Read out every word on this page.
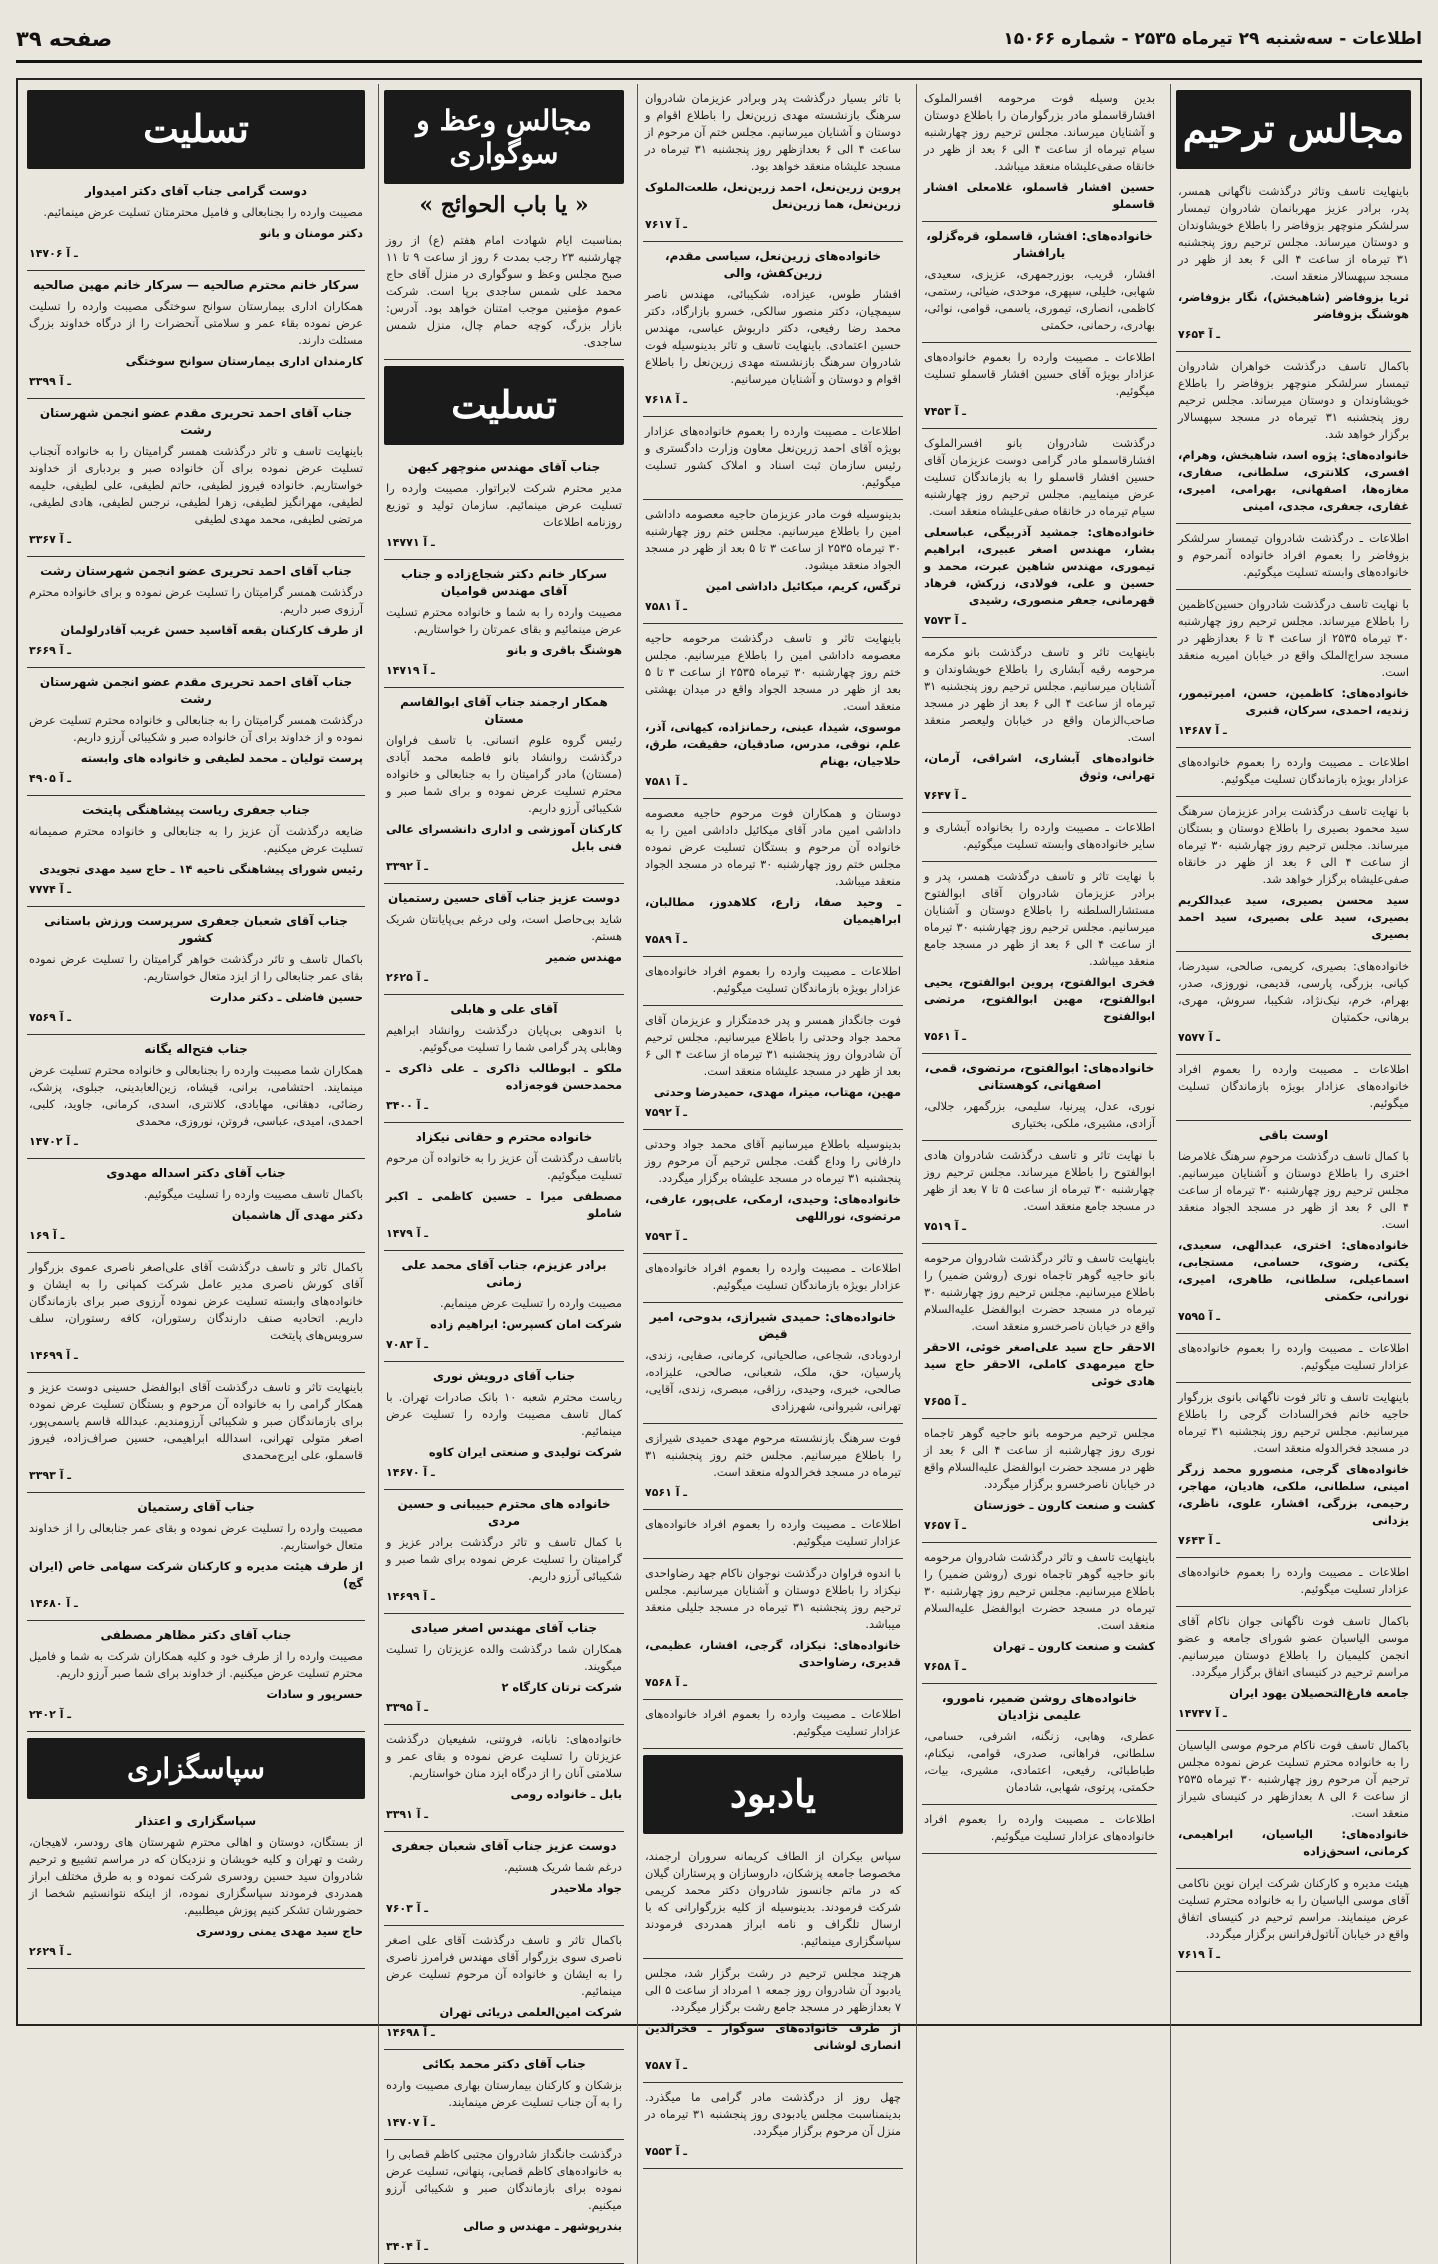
اطلاعات - سه‌شنبه ۲۹ تیرماه ۲۵۳۵ - شماره ۱۵۰۶۶
صفحه ۳۹
مجالس ترحیم
باینهایت تاسف وتاثر درگذشت ناگهانی همسر، پدر، برادر عزیز مهربانمان شادروان تیمسار سرلشکر منوچهر بزوفاضر را باطلاع خویشاوندان و دوستان میرساند. مجلس ترحیم روز پنجشنبه ۳۱ تیرماه از ساعت ۴ الی ۶ بعد از ظهر در مسجد سپهسالار منعقد است.
ثریا بزوفاضر (شاهبخش)، نگار بزوفاضر، هوشنگ بزوفاضر
۷۶۵۴ ـ آ
باکمال تاسف درگذشت خواهران شادروان تیمسار سرلشکر منوچهر بزوفاضر را باطلاع خویشاوندان و دوستان میرساند. مجلس ترحیم روز پنجشنبه ۳۱ تیرماه در مسجد سپهسالار برگزار خواهد شد.
خانواده‌های: پژوه اسد، شاهبخش، وهرام، افسری، کلانتری، سلطانی، صفاری، مغازه‌ها، اصفهانی، بهرامی، امیری، غفاری، جعفری، مجدی، امینی
اطلاعات ـ درگذشت شادروان تیمسار سرلشکر بزوفاضر را بعموم افراد خانواده آنمرحوم و خانواده‌های وابسته تسلیت میگوئیم.
با نهایت تاسف درگذشت شادروان حسین‌کاظمین را باطلاع میرساند. مجلس ترحیم روز چهارشنبه ۳۰ تیرماه ۲۵۳۵ از ساعت ۴ تا ۶ بعدازظهر در مسجد سراج‌الملک واقع در خیابان امیریه منعقد است.
خانواده‌های: کاظمین، حسن، امیرتیمور، زندیه، احمدی، سرکان، قنبری
۱۴۶۸۷ ـ آ
اطلاعات ـ مصیبت وارده را بعموم خانواده‌های عزادار بویژه بازماندگان تسلیت میگوئیم.
با نهایت تاسف درگذشت برادر عزیزمان سرهنگ سید محمود بصیری را باطلاع دوستان و بستگان میرساند. مجلس ترحیم روز چهارشنبه ۳۰ تیرماه از ساعت ۴ الی ۶ بعد از ظهر در خانقاه صفی‌علیشاه برگزار خواهد شد.
سید محسن بصیری، سید عبدالکریم بصیری، سید علی بصیری، سید احمد بصیری
خانواده‌های: بصیری، کریمی، صالحی، سیدرضا، کیانی، بزرگی، پارسی، قدیمی، نوروزی، صدر، بهرام، خرم، نیک‌نژاد، شکیبا، سروش، مهری، برهانی، حکمتیان
۷۵۷۷ ـ آ
اطلاعات ـ مصیبت وارده را بعموم افراد خانواده‌های عزادار بویژه بازماندگان تسلیت میگوئیم.
اوست باقی
با کمال تاسف درگذشت مرحوم سرهنگ غلامرضا اختری را باطلاع دوستان و آشنایان میرسانیم. مجلس ترحیم روز چهارشنبه ۳۰ تیرماه از ساعت ۴ الی ۶ بعد از ظهر در مسجد الجواد منعقد است.
خانواده‌های: اختری، عبدالهی، سعیدی، یکتی، رضوی، حسامی، مستجابی، اسماعیلی، سلطانی، طاهری، امیری، نورانی، حکمتی
۷۵۹۵ ـ آ
اطلاعات ـ مصیبت وارده را بعموم خانواده‌های عزادار تسلیت میگوئیم.
باینهایت تاسف و تاثر فوت ناگهانی بانوی بزرگوار حاجیه خانم فخرالسادات گرجی را باطلاع میرسانیم. مجلس ترحیم روز پنجشنبه ۳۱ تیرماه در مسجد فخرالدوله منعقد است.
خانواده‌های گرجی، منصورو محمد زرگر امینی، سلطانی، ملکی، هادیان، مهاجر، رحیمی، بزرگی، افشار، علوی، ناظری، یزدانی
۷۶۴۳ ـ آ
اطلاعات ـ مصیبت وارده را بعموم خانواده‌های عزادار تسلیت میگوئیم.
باکمال تاسف فوت ناگهانی جوان ناکام آقای موسی الیاسیان عضو شورای جامعه و عضو انجمن کلیمیان را باطلاع دوستان میرسانیم. مراسم ترحیم در کنیسای اتفاق برگزار میگردد.
جامعه فارغ‌التحصیلان یهود ایران
۱۴۷۴۷ ـ آ
باکمال تاسف فوت ناکام مرحوم موسی الیاسیان را به خانواده محترم تسلیت عرض نموده مجلس ترحیم آن مرحوم روز چهارشنبه ۳۰ تیرماه ۲۵۳۵ از ساعت ۶ الی ۸ بعدازظهر در کنیسای شیراز منعقد است.
خانواده‌های: الیاسیان، ابراهیمی، کرمانی، اسحق‌زاده
هیئت مدیره و کارکنان شرکت ایران نوین ناکامی آقای موسی الیاسیان را به خانواده محترم تسلیت عرض مینمایند. مراسم ترحیم در کنیسای اتفاق واقع در خیابان آناتول‌فرانس برگزار میگردد.
۷۶۱۹ ـ آ
بدین وسیله فوت مرحومه افسرالملوک افشارقاسملو مادر بزرگوارمان را باطلاع دوستان و آشنایان میرساند. مجلس ترحیم روز چهارشنبه سیام تیرماه از ساعت ۴ الی ۶ بعد از ظهر در خانقاه صفی‌علیشاه منعقد میباشد.
حسین افشار قاسملو، غلامعلی افشار قاسملو
خانواده‌های: افشار، قاسملو، قره‌گزلو، یارافشار
افشار، قریب، بوزرجمهری، عزیزی، سعیدی، شهابی، خلیلی، سپهری، موحدی، ضیائی، رستمی، کاظمی، انصاری، تیموری، یاسمی، قوامی، نوائی، بهادری، رحمانی، حکمتی
اطلاعات ـ مصیبت وارده را بعموم خانواده‌های عزادار بویژه آقای حسین افشار قاسملو تسلیت میگوئیم.
۷۴۵۳ ـ آ
درگذشت شادروان بانو افسرالملوک افشارقاسملو مادر گرامی دوست عزیزمان آقای حسین افشار قاسملو را به بازماندگان تسلیت عرض مینماییم. مجلس ترحیم روز چهارشنبه سیام تیرماه در خانقاه صفی‌علیشاه منعقد است.
خانواده‌های: جمشید آذربیگی، عباسعلی بشار، مهندس اصغر عبیری، ابراهیم تیموری، مهندس شاهین عبرت، محمد و حسین و علی، فولادی، زرکش، فرهاد قهرمانی، جعفر منصوری، رشیدی
۷۵۷۳ ـ آ
باینهایت تاثر و تاسف درگذشت بانو مکرمه مرحومه رقیه آبشاری را باطلاع خویشاوندان و آشنایان میرسانیم. مجلس ترحیم روز پنجشنبه ۳۱ تیرماه از ساعت ۴ الی ۶ بعد از ظهر در مسجد صاحب‌الزمان واقع در خیابان ولیعصر منعقد است.
خانواده‌های آبشاری، اشراقی، آرمان، تهرانی، وثوق
۷۶۴۷ ـ آ
اطلاعات ـ مصیبت وارده را بخانواده آبشاری و سایر خانواده‌های وابسته تسلیت میگوئیم.
با نهایت تاثر و تاسف درگذشت همسر، پدر و برادر عزیزمان شادروان آقای ابوالفتوح مستشارالسلطنه را باطلاع دوستان و آشنایان میرسانیم. مجلس ترحیم روز چهارشنبه ۳۰ تیرماه از ساعت ۴ الی ۶ بعد از ظهر در مسجد جامع منعقد میباشد.
فخری ابوالفتوح، پروین ابوالفتوح، یحیی ابوالفتوح، مهین ابوالفتوح، مرتضی ابوالفتوح
۷۵۶۱ ـ آ
خانواده‌های: ابوالفتوح، مرتضوی، قمی، اصفهانی، کوهستانی
نوری، عدل، پیرنیا، سلیمی، بزرگمهر، جلالی، آزادی، مشیری، ملکی، بختیاری
با نهایت تاثر و تاسف درگذشت شادروان هادی ابوالفتوح را باطلاع میرساند. مجلس ترحیم روز چهارشنبه ۳۰ تیرماه از ساعت ۵ تا ۷ بعد از ظهر در مسجد جامع منعقد است.
۷۵۱۹ ـ آ
باینهایت تاسف و تاثر درگذشت شادروان مرحومه بانو حاجیه گوهر تاجماه نوری (روشن ضمیر) را باطلاع میرسانیم. مجلس ترحیم روز چهارشنبه ۳۰ تیرماه در مسجد حضرت ابوالفضل علیه‌السلام واقع در خیابان ناصرخسرو منعقد است.
الاحقر حاج سید علی‌اصغر خوئی، الاحقر حاج میرمهدی کاملی، الاحقر حاج سید هادی خوئی
۷۶۵۵ ـ آ
مجلس ترحیم مرحومه بانو حاجیه گوهر تاجماه نوری روز چهارشنبه از ساعت ۴ الی ۶ بعد از ظهر در مسجد حضرت ابوالفضل علیه‌السلام واقع در خیابان ناصرخسرو برگزار میگردد.
کشت و صنعت کارون ـ خوزستان
۷۶۵۷ ـ آ
باینهایت تاسف و تاثر درگذشت شادروان مرحومه بانو حاجیه گوهر تاجماه نوری (روشن ضمیر) را باطلاع میرسانیم. مجلس ترحیم روز چهارشنبه ۳۰ تیرماه در مسجد حضرت ابوالفضل علیه‌السلام منعقد است.
کشت و صنعت کارون ـ تهران
۷۶۵۸ ـ آ
خانواده‌های روشن ضمیر، نامورو، علیمی نژادیان
عطری، وهابی، زنگنه، اشرفی، حسامی، سلطانی، فراهانی، صدری، قوامی، نیکنام، طباطبائی، رفیعی، اعتمادی، مشیری، بیات، حکمتی، پرتوی، شهابی، شادمان
اطلاعات ـ مصیبت وارده را بعموم افراد خانواده‌های عزادار تسلیت میگوئیم.
با تاثر بسیار درگذشت پدر وبرادر عزیزمان شادروان سرهنگ بازنشسته مهدی زرین‌نعل را باطلاع اقوام و دوستان و آشنایان میرسانیم. مجلس ختم آن مرحوم از ساعت ۴ الی ۶ بعدازظهر روز پنجشنبه ۳۱ تیرماه در مسجد علیشاه منعقد خواهد بود.
پروین زرین‌نعل، احمد زرین‌نعل، طلعت‌الملوک زرین‌نعل، هما زرین‌نعل
۷۶۱۷ ـ آ
خانواده‌های زرین‌نعل، سیاسی مقدم، زرین‌کفش، والی
افشار طوس، عیزاده، شکیبائی، مهندس ناصر سیمچیان، دکتر منصور سالکی، خسرو بازارگاد، دکتر محمد رضا رفیعی، دکتر داریوش عباسی، مهندس حسین اعتمادی. باینهایت تاسف و تاثر بدینوسیله فوت شادروان سرهنگ بازنشسته مهدی زرین‌نعل را باطلاع اقوام و دوستان و آشنایان میرسانیم.
۷۶۱۸ ـ آ
اطلاعات ـ مصیبت وارده را بعموم خانواده‌های عزادار بویژه آقای احمد زرین‌نعل معاون وزارت دادگستری و رئیس سازمان ثبت اسناد و املاک کشور تسلیت میگوئیم.
بدینوسیله فوت مادر عزیزمان حاجیه معصومه داداشی امین را باطلاع میرسانیم. مجلس ختم روز چهارشنبه ۳۰ تیرماه ۲۵۳۵ از ساعت ۳ تا ۵ بعد از ظهر در مسجد الجواد منعقد میشود.
ترگس، کریم، میکائیل داداشی امین
۷۵۸۱ ـ آ
باینهایت تاثر و تاسف درگذشت مرحومه حاجیه معصومه داداشی امین را باطلاع میرسانیم. مجلس ختم روز چهارشنبه ۳۰ تیرماه ۲۵۳۵ از ساعت ۳ تا ۵ بعد از ظهر در مسجد الجواد واقع در میدان بهشتی منعقد است.
موسوی، شیدا، عینی، رحمانزاده، کیهانی، آذر، علم، نوقی، مدرس، صادقیان، حقیقت، طرق، حلاجیان، بهنام
۷۵۸۱ ـ آ
دوستان و همکاران فوت مرحوم حاجیه معصومه داداشی امین مادر آقای میکائیل داداشی امین را به خانواده آن مرحوم و بستگان تسلیت عرض نموده مجلس ختم روز چهارشنبه ۳۰ تیرماه در مسجد الجواد منعقد میباشد.
ـ وحید صفا، زارع، کلاهدوز، مطالبان، ابراهیمیان
۷۵۸۹ ـ آ
اطلاعات ـ مصیبت وارده را بعموم افراد خانواده‌های عزادار بویژه بازماندگان تسلیت میگوئیم.
فوت جانگداز همسر و پدر خدمتگزار و عزیزمان آقای محمد جواد وحدتی را باطلاع میرسانیم. مجلس ترحیم آن شادروان روز پنجشنبه ۳۱ تیرماه از ساعت ۴ الی ۶ بعد از ظهر در مسجد علیشاه منعقد است.
مهین، مهتاب، میترا، مهدی، حمیدرضا وحدتی
۷۵۹۲ ـ آ
بدینوسیله باطلاع میرسانیم آقای محمد جواد وحدتی دارفانی را وداع گفت. مجلس ترحیم آن مرحوم روز پنجشنبه ۳۱ تیرماه در مسجد علیشاه برگزار میگردد.
خانواده‌های: وحیدی، ارمکی، علی‌پور، عارفی، مرتضوی، نوراللهی
۷۵۹۳ ـ آ
اطلاعات ـ مصیبت وارده را بعموم افراد خانواده‌های عزادار بویژه بازماندگان تسلیت میگوئیم.
خانواده‌های: حمیدی شیرازی، بدوحی، امیر قیض
اردوبادی، شجاعی، صالحیانی، کرمانی، صفایی، زندی، پارسیان، حق، ملک، شعبانی، صالحی، علیزاده، صالحی، خبری، وحیدی، رزاقی، مبصری، زندی، آقایی، تهرانی، شیروانی، شهرزادی
فوت سرهنگ بازنشسته مرحوم مهدی حمیدی شیرازی را باطلاع میرسانیم. مجلس ختم روز پنجشنبه ۳۱ تیرماه در مسجد فخرالدوله منعقد است.
۷۵۶۱ ـ آ
اطلاعات ـ مصیبت وارده را بعموم افراد خانواده‌های عزادار تسلیت میگوئیم.
با اندوه فراوان درگذشت نوجوان ناکام جهد رضاواحدی نیکزاد را باطلاع دوستان و آشنایان میرسانیم. مجلس ترحیم روز پنجشنبه ۳۱ تیرماه در مسجد جلیلی منعقد میباشد.
خانواده‌های: نیکزاد، گرجی، افشار، عظیمی، قدیری، رضاواحدی
۷۵۶۸ ـ آ
اطلاعات ـ مصیبت وارده را بعموم افراد خانواده‌های عزادار تسلیت میگوئیم.
یادبود
سپاس بیکران از الطاف کریمانه سروران ارجمند، مخصوصا جامعه پزشکان، داروسازان و پرستاران گیلان که در ماتم جانسوز شادروان دکتر محمد کریمی شرکت فرمودند. بدینوسیله از کلیه بزرگوارانی که با ارسال تلگراف و نامه ابراز همدردی فرمودند سپاسگزاری مینمائیم.
هرچند مجلس ترحیم در رشت برگزار شد، مجلس یادبود آن شادروان روز جمعه ۱ امرداد از ساعت ۵ الی ۷ بعدازظهر در مسجد جامع رشت برگزار میگردد.
از طرف خانواده‌های سوگوار ـ فخرالدین انصاری لوشانی
۷۵۸۷ ـ آ
چهل روز از درگذشت مادر گرامی ما میگذرد. بدینمناسبت مجلس یادبودی روز پنجشنبه ۳۱ تیرماه در منزل آن مرحوم برگزار میگردد.
۷۵۵۳ ـ آ
مجالس وعظ و سوگواری
« یا باب الحوائج »
بمناسبت ایام شهادت امام هفتم (ع) از روز چهارشنبه ۲۳ رجب بمدت ۶ روز از ساعت ۹ تا ۱۱ صبح مجلس وعظ و سوگواری در منزل آقای حاج محمد علی شمس ساجدی برپا است. شرکت عموم مؤمنین موجب امتنان خواهد بود. آدرس: بازار بزرگ، کوچه حمام چال، منزل شمس ساجدی.
تسلیت
جناب آقای مهندس منوچهر کیهن
مدیر محترم شرکت لابراتوار. مصیبت وارده را تسلیت عرض مینمائیم. سازمان تولید و توزیع روزنامه اطلاعات
۱۴۷۷۱ ـ آ
سرکار خانم دکتر شجاع‌زاده و جناب آقای مهندس قوامیان
مصیبت وارده را به شما و خانواده محترم تسلیت عرض مینمائیم و بقای عمرتان را خواستاریم.
هوشنگ باقری و بانو
۱۴۷۱۹ ـ آ
همکار ارجمند جناب آقای ابوالقاسم مستان
رئیس گروه علوم انسانی. با تاسف فراوان درگذشت روانشاد بانو فاطمه محمد آبادی (مستان) مادر گرامیتان را به جنابعالی و خانواده محترم تسلیت عرض نموده و برای شما صبر و شکیبائی آرزو داریم.
کارکنان آموزشی و اداری دانشسرای عالی فنی بابل
۳۳۹۲ ـ آ
دوست عزیز جناب آقای حسین رستمیان
شاید بی‌حاصل است، ولی درغم بی‌پایانتان شریک هستم.
مهندس ضمیر
۲۶۲۵ ـ آ
آقای علی و هابلی
با اندوهی بی‌پایان درگذشت روانشاد ابراهیم وهابلی پدر گرامی شما را تسلیت می‌گوئیم.
ملکو ـ ابوطالب ذاکری ـ علی ذاکری ـ محمدحسن فوجه‌زاده
۳۴۰۰ ـ آ
خانواده محترم و حقانی نیکزاد
باتاسف درگذشت آن عزیز را به خانواده آن مرحوم تسلیت میگوئیم.
مصطفی میرا ـ حسین کاظمی ـ اکبر شاملو
۱۴۷۹ ـ آ
برادر عزیزم، جناب آقای محمد علی زمانی
مصیبت وارده را تسلیت عرض مینمایم.
شرکت امان کسپرس: ابراهیم زاده
۷۰۸۳ ـ آ
جناب آقای درویش نوری
ریاست محترم شعبه ۱۰ بانک صادرات تهران. با کمال تاسف مصیبت وارده را تسلیت عرض مینمائیم.
شرکت تولیدی و صنعتی ایران کاوه
۱۴۶۷۰ ـ آ
خانواده های محترم حبیبانی و حسین مردی
با کمال تاسف و تاثر درگذشت برادر عزیز و گرامیتان را تسلیت عرض نموده برای شما صبر و شکیبائی آرزو داریم.
۱۴۶۹۹ ـ آ
جناب آقای مهندس اصغر صیادی
همکاران شما درگذشت والده عزیزتان را تسلیت میگویند.
شرکت ترتان کارگاه ۲
۳۳۹۵ ـ آ
خانواده‌های: نابانه، فروتنی، شفیعیان درگذشت عزیزتان را تسلیت عرض نموده و بقای عمر و سلامتی آنان را از درگاه ایزد منان خواستاریم.
بابل ـ خانواده رومی
۳۳۹۱ ـ آ
دوست عزیز جناب آقای شعبان جعفری
درغم شما شریک هستیم.
جواد ملاحیدر
۷۶۰۳ ـ آ
باکمال تاثر و تاسف درگذشت آقای علی اصغر ناصری سوی بزرگوار آقای مهندس فرامرز ناصری را به ایشان و خانواده آن مرحوم تسلیت عرض مینمائیم.
شرکت امین‌العلمی دریائی تهران
۱۴۶۹۸ ـ آ
جناب آقای دکتر محمد بکائی
بزشکان و کارکنان بیمارستان بهاری مصیبت وارده را به آن جناب تسلیت عرض مینمایند.
۱۴۷۰۷ ـ آ
درگذشت جانگداز شادروان مجتبی کاظم قصابی را به خانواده‌های کاظم قصابی، پنهانی، تسلیت عرض نموده برای بازماندگان صبر و شکیبائی آرزو میکنیم.
بندرپوشهر ـ مهندس و صالی
۳۴۰۴ ـ آ
تسلیت
دوست گرامی جناب آقای دکتر امیدوار
مصیبت وارده را بجنابعالی و فامیل محترمتان تسلیت عرض مینمائیم.
دکتر مومنان و بانو
۱۴۷۰۶ ـ آ
سرکار خانم محترم صالحیه — سرکار خانم مهین صالحیه
همکاران اداری بیمارستان سوانح سوختگی مصیبت وارده را تسلیت عرض نموده بقاء عمر و سلامتی آنحضرات را از درگاه خداوند بزرگ مسئلت دارند.
کارمندان اداری بیمارستان سوانح سوختگی
۳۳۹۹ ـ آ
جناب آقای احمد تحریری مقدم عضو انجمن شهرستان رشت
باینهایت تاسف و تاثر درگذشت همسر گرامیتان را به خانواده آنجناب تسلیت عرض نموده برای آن خانواده صبر و بردباری از خداوند خواستاریم. خانواده فیروز لطیفی، حاتم لطیفی، علی لطیفی، حلیمه لطیفی، مهرانگیز لطیفی، زهرا لطیفی، نرجس لطیفی، هادی لطیفی، مرتضی لطیفی، محمد مهدی لطیفی
۳۳۶۷ ـ آ
جناب آقای احمد تحریری عضو انجمن شهرستان رشت
درگذشت همسر گرامیتان را تسلیت عرض نموده و برای خانواده محترم آرزوی صبر داریم.
از طرف کارکنان بقعه آقاسید حسن غریب آقادرلولمان
۳۶۶۹ ـ آ
جناب آقای احمد تحریری مقدم عضو انجمن شهرستان رشت
درگذشت همسر گرامیتان را به جنابعالی و خانواده محترم تسلیت عرض نموده و از خداوند برای آن خانواده صبر و شکیبائی آرزو داریم.
پرست تولیان ـ محمد لطیفی و خانواده های وابسته
۴۹۰۵ ـ آ
جناب جعفری ریاست پیشاهنگی پایتخت
ضایعه درگذشت آن عزیز را به جنابعالی و خانواده محترم صمیمانه تسلیت عرض میکنیم.
رئیس شورای پیشاهنگی ناحیه ۱۴ ـ حاج سید مهدی تجویدی
۷۷۷۴ ـ آ
جناب آقای شعبان جعفری سرپرست ورزش باستانی کشور
باکمال تاسف و تاثر درگذشت خواهر گرامیتان را تسلیت عرض نموده بقای عمر جنابعالی را از ایزد متعال خواستاریم.
حسین فاضلی ـ دکتر مدارت
۷۵۶۹ ـ آ
جناب فتح‌اله یگانه
همکاران شما مصیبت وارده را بجنابعالی و خانواده محترم تسلیت عرض مینمایند. احتشامی، برانی، قیشاه، زین‌العابدینی، جبلوی، پزشک، رضائی، دهقانی، مهابادی، کلانتری، اسدی، کرمانی، جاوید، کلبی، احمدی، امیدی، عباسی، فروتن، نوروزی، محمدی
۱۴۷۰۲ ـ آ
جناب آقای دکتر اسداله مهدوی
باکمال تاسف مصیبت وارده را تسلیت میگوئیم.
دکتر مهدی آل هاشمیان
۱۶۹ ـ آ
باکمال تاثر و تاسف درگذشت آقای علی‌اصغر ناصری عموی بزرگوار آقای کورش ناصری مدیر عامل شرکت کمپانی را به ایشان و خانواده‌های وابسته تسلیت عرض نموده آرزوی صبر برای بازماندگان داریم. اتحادیه صنف دارندگان رستوران، کافه رستوران، سلف سرویس‌های پایتخت
۱۴۶۹۹ ـ آ
باینهایت تاثر و تاسف درگذشت آقای ابوالفضل حسینی دوست عزیز و همکار گرامی را به خانواده آن مرحوم و بستگان تسلیت عرض نموده برای بازماندگان صبر و شکیبائی آرزومندیم. عبدالله قاسم یاسمی‌پور، اصغر متولی تهرانی، اسدالله ابراهیمی، حسین صراف‌زاده، فیروز قاسملو، علی ایرج‌محمدی
۳۳۹۳ ـ آ
جناب آقای رستمیان
مصیبت وارده را تسلیت عرض نموده و بقای عمر جنابعالی را از خداوند متعال خواستاریم.
از طرف هیئت مدیره و کارکنان شرکت سهامی خاص (ایران گچ)
۱۴۶۸۰ ـ آ
جناب آقای دکتر مظاهر مصطفی
مصیبت وارده را از طرف خود و کلیه همکاران شرکت به شما و فامیل محترم تسلیت عرض میکنیم. از خداوند برای شما صبر آرزو داریم.
حسرپور و سادات
۲۴۰۲ ـ آ
سپاسگزاری
سپاسگزاری و اعتذار
از بستگان، دوستان و اهالی محترم شهرستان های رودسر، لاهیجان، رشت و تهران و کلیه خویشان و نزدیکان که در مراسم تشییع و ترحیم شادروان سید حسین رودسری شرکت نموده و به طرق مختلف ابراز همدردی فرمودند سپاسگزاری نموده، از اینکه نتوانستیم شخصا از حضورشان تشکر کنیم پوزش میطلبیم.
حاج سید مهدی یمنی رودسری
۲۶۲۹ ـ آ
